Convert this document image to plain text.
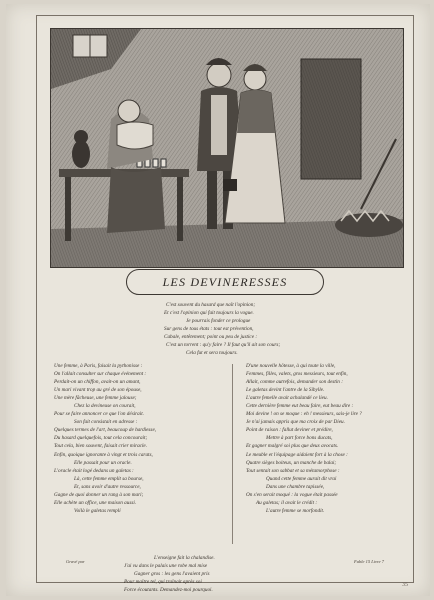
LES DEVINERESSES
C'est souvent du hasard que naît l'opinion;
Et c'est l'opinion qui fait toujours la vogue.
Je pourrais fonder ce prologue
Sur gens de tous états : tout est prévention,
Cabale, entêtement; point ou peu de justice :
C'est un torrent : qu'y faire ? Il faut qu'il ait son cours;
Cela fut et sera toujours.
Une femme, à Paris, faisait la pythonisse :
On l'allait consulter sur chaque événement :
Perdait-on un chiffon, avait-on un amant,
Un mari vivant trop au gré de son épouse,
Une mère fâcheuse, une femme jalouse;
Chez la devineuse on courait,
Pour se faire annoncer ce que l'on désirait.
Son fait consistait en adresse :
Quelques termes de l'art, beaucoup de hardiesse,
Du hasard quelquefois, tout cela concourait;
Tout cela, bien souvent, faisait crier miracle.
Enfin, quoique ignorante à vingt et trois carats,
Elle passait pour un oracle.
L'oracle était logé dedans un galetas :
Là, cette femme emplit sa bourse,
Et, sans avoir d'autre ressource,
Gagne de quoi donner un rang à son mari;
Elle achète un office, une maison aussi.
Voilà le galetas rempli
D'une nouvelle hôtesse, à qui toute la ville,
Femmes, filles, valets, gros messieurs, tout enfin,
Allait, comme autrefois, demander son destin :
Le galetas devint l'antre de la Sibylle.
L'autre femelle avait achalandé ce lieu.
Cette dernière femme eut beau faire, eut beau dire :
Moi devine ! on se moque : eh ! messieurs, sais-je lire ?
Je n'ai jamais appris que ma croix de par Dieu.
Point de raison : fallut deviner et prédire,
Mettre à part force bons ducats,
Et gagner malgré soi plus que deux avocats.
Le meuble et l'équipage aidaient fort à la chose :
Quatre sièges boiteux, un manche de balai;
Tout sentait son sabbat et sa métamorphose :
Quand cette femme aurait dit vrai
Dans une chambre tapissée,
On s'en serait moqué : la vogue était passée
Au galetas; il avait le crédit :
L'autre femme se morfondit.
L'enseigne fait la chalandise.
J'ai vu dans le palais une robe mal mise
Gagner gros : les gens l'avaient pris
Pour maître tel, qui traînait après soi
Force écoutants. Demandez-moi pourquoi.
Gravé par	Fable 15 Livre 7
35
